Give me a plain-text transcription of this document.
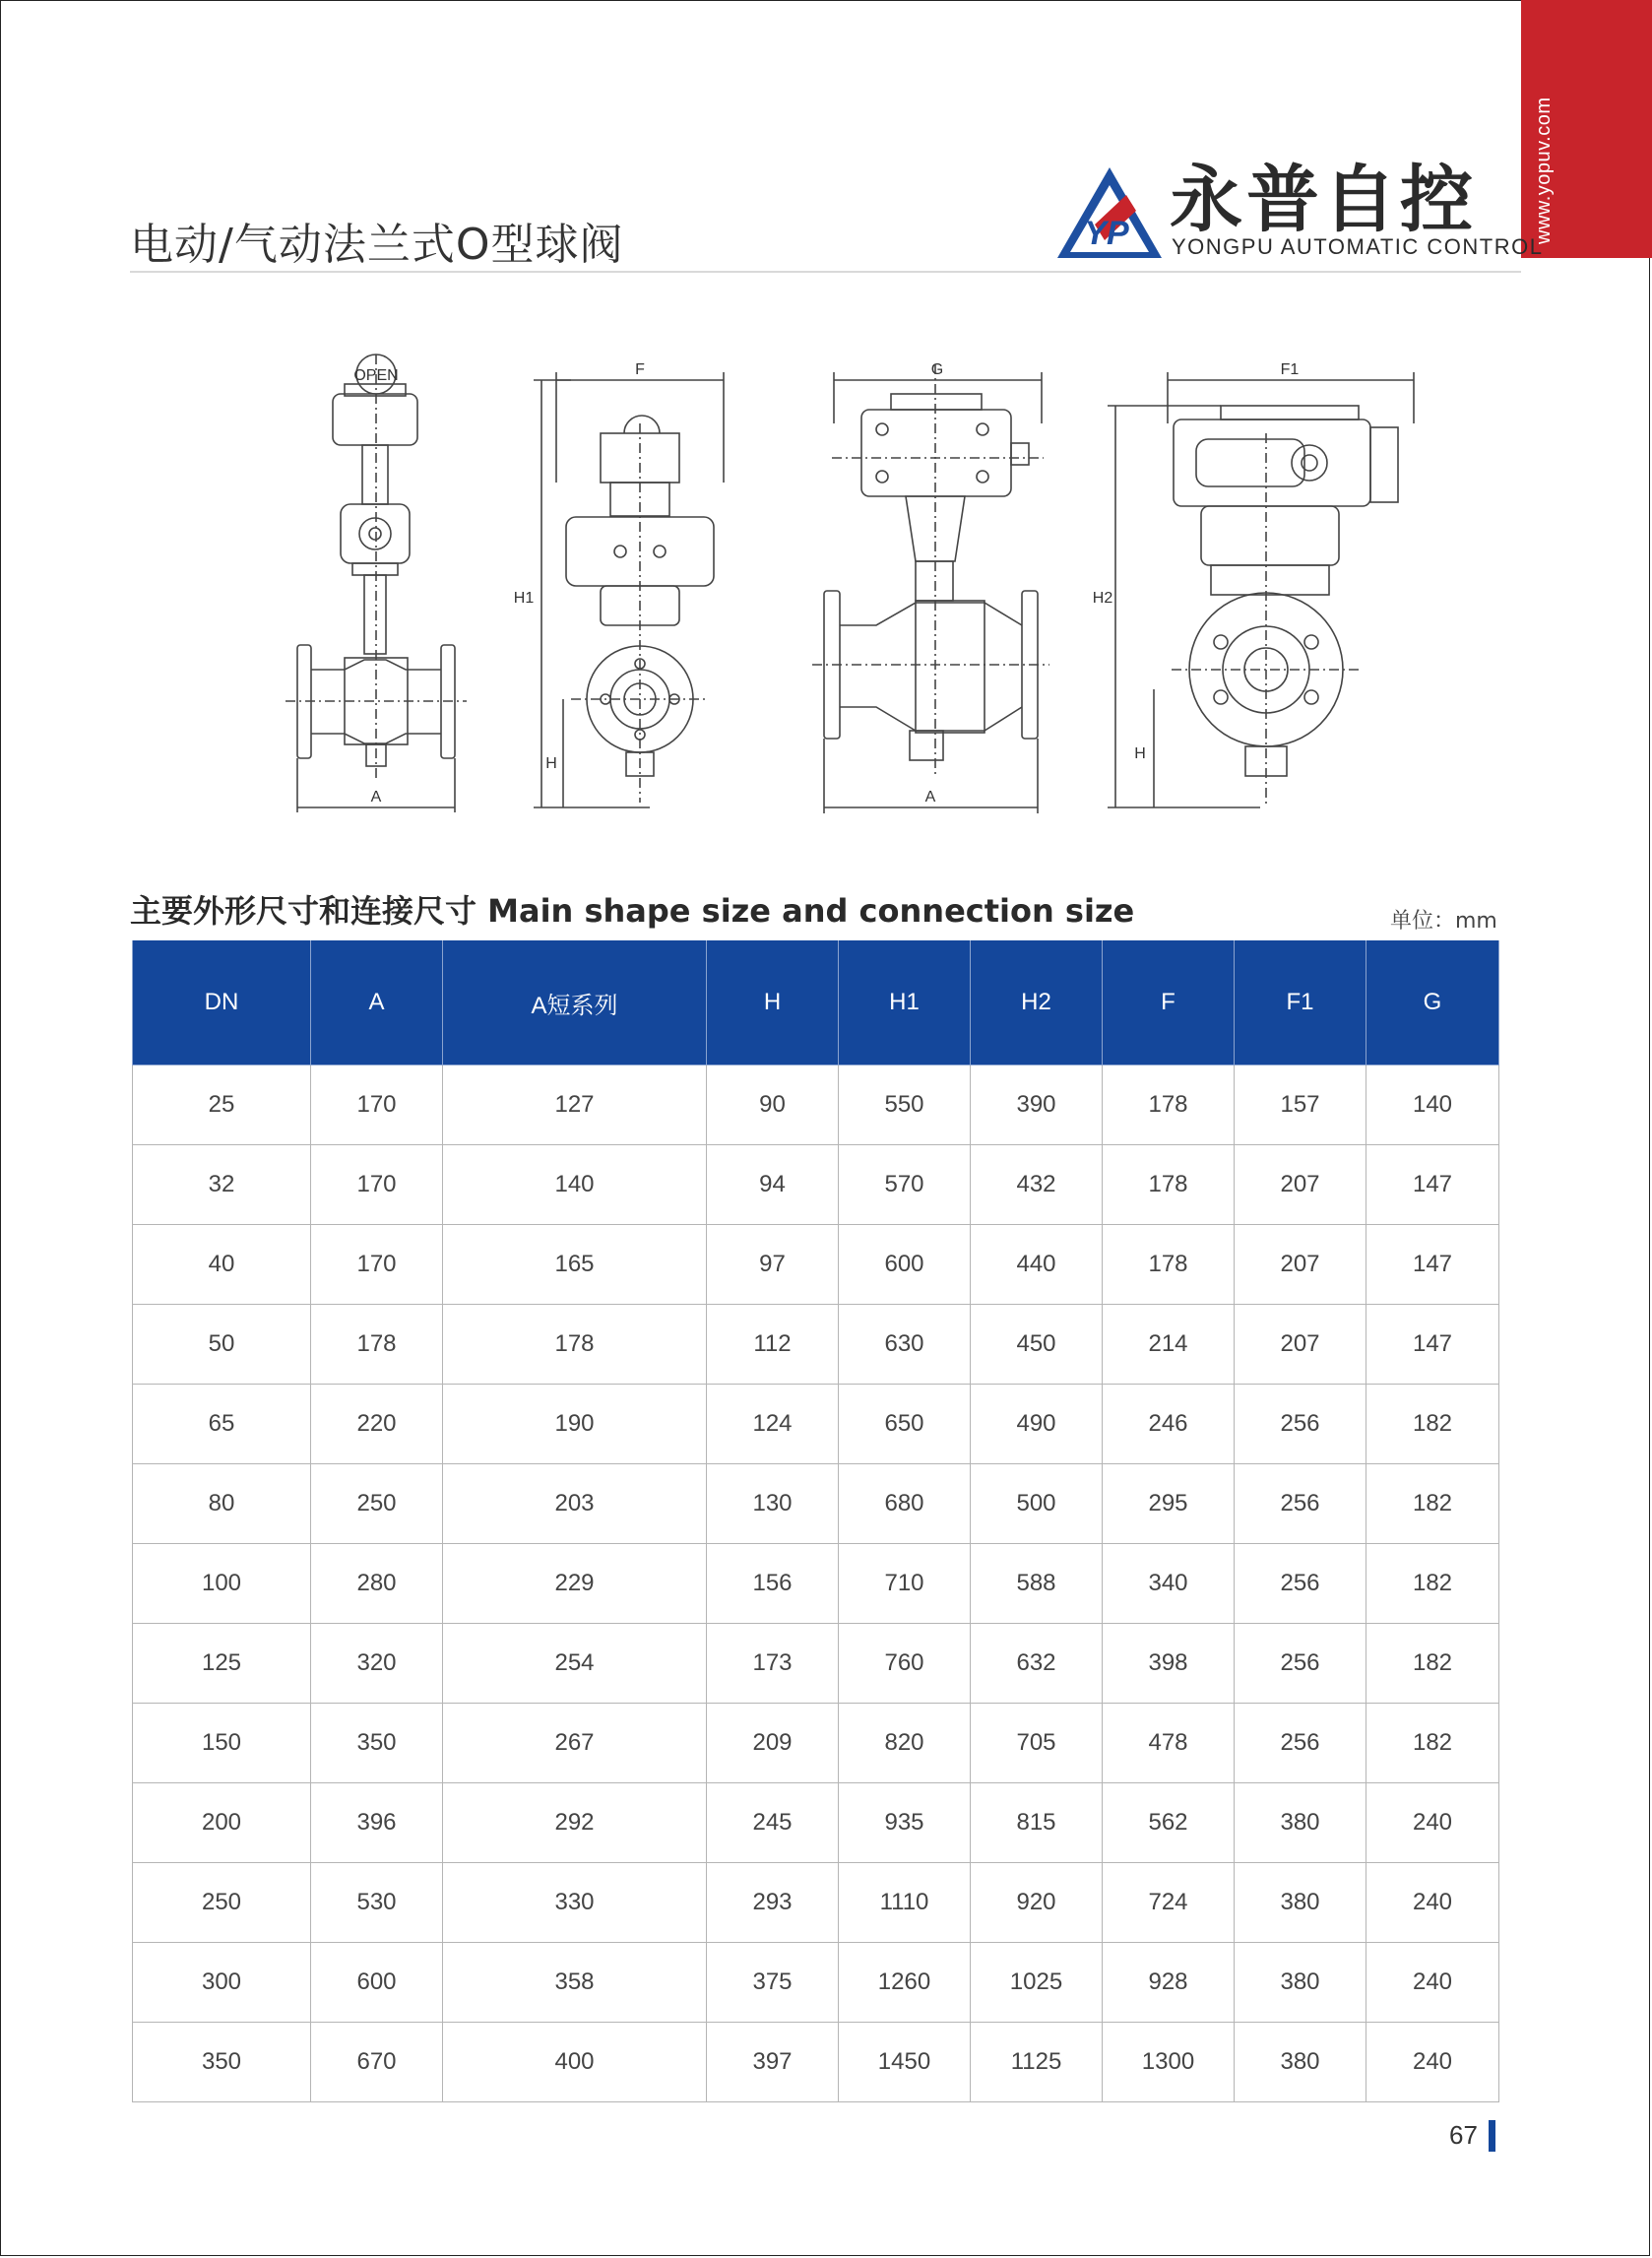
www.yopuv.com
电动/气动法兰式O型球阀	YP 永普自控
YONGPU AUTOMATIC CONTROL
OPEN
A
F
H1
H
G
A
F1
H2
H
主要外形尺寸和连接尺寸 Main shape size and connection size	单位：mm
DN	A	A短系列	H	H1	H2	F	F1	G
25	170	127	90	550	390	178	157	140
32	170	140	94	570	432	178	207	147
40	170	165	97	600	440	178	207	147
50	178	178	112	630	450	214	207	147
65	220	190	124	650	490	246	256	182
80	250	203	130	680	500	295	256	182
100	280	229	156	710	588	340	256	182
125	320	254	173	760	632	398	256	182
150	350	267	209	820	705	478	256	182
200	396	292	245	935	815	562	380	240
250	530	330	293	1110	920	724	380	240
300	600	358	375	1260	1025	928	380	240
350	670	400	397	1450	1125	1300	380	240
67
